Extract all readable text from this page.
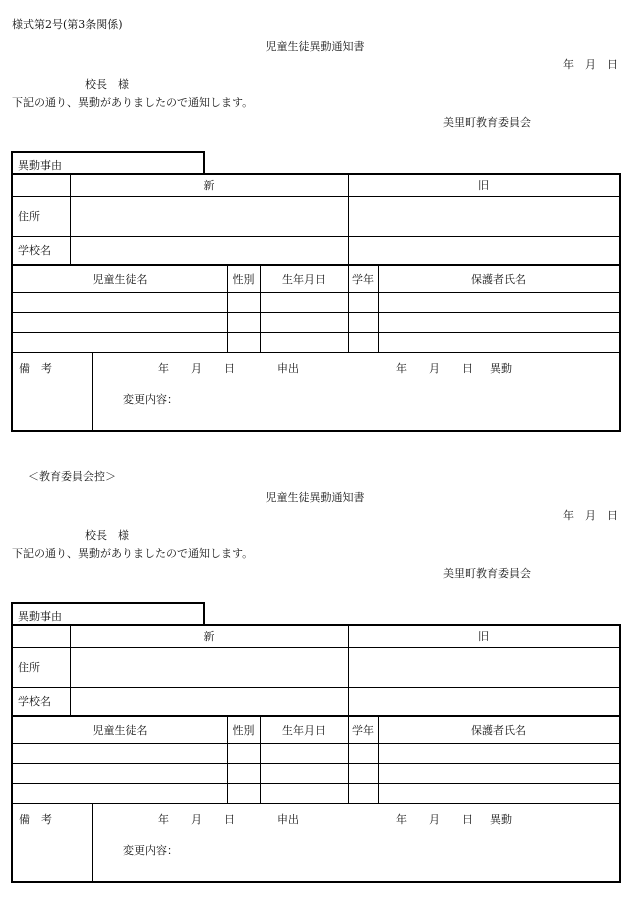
様式第2号(第3条関係)
＜教育委員会控＞
児童生徒異動通知書
年　月　日
校長　様
下記の通り、異動がありましたので通知します。
美里町教育委員会
異動事由
新	旧
住所
学校名
児童生徒名	性別	生年月日	学年	保護者氏名
備　考	年　　月　　日	申出	年　　月　　日 異動
変更内容：
児童生徒異動通知書
年　月　日
校長　様
下記の通り、異動がありましたので通知します。
美里町教育委員会
異動事由
新	旧
住所
学校名
児童生徒名	性別	生年月日	学年	保護者氏名
備　考	年　　月　　日	申出	年　　月　　日 異動
変更内容：
